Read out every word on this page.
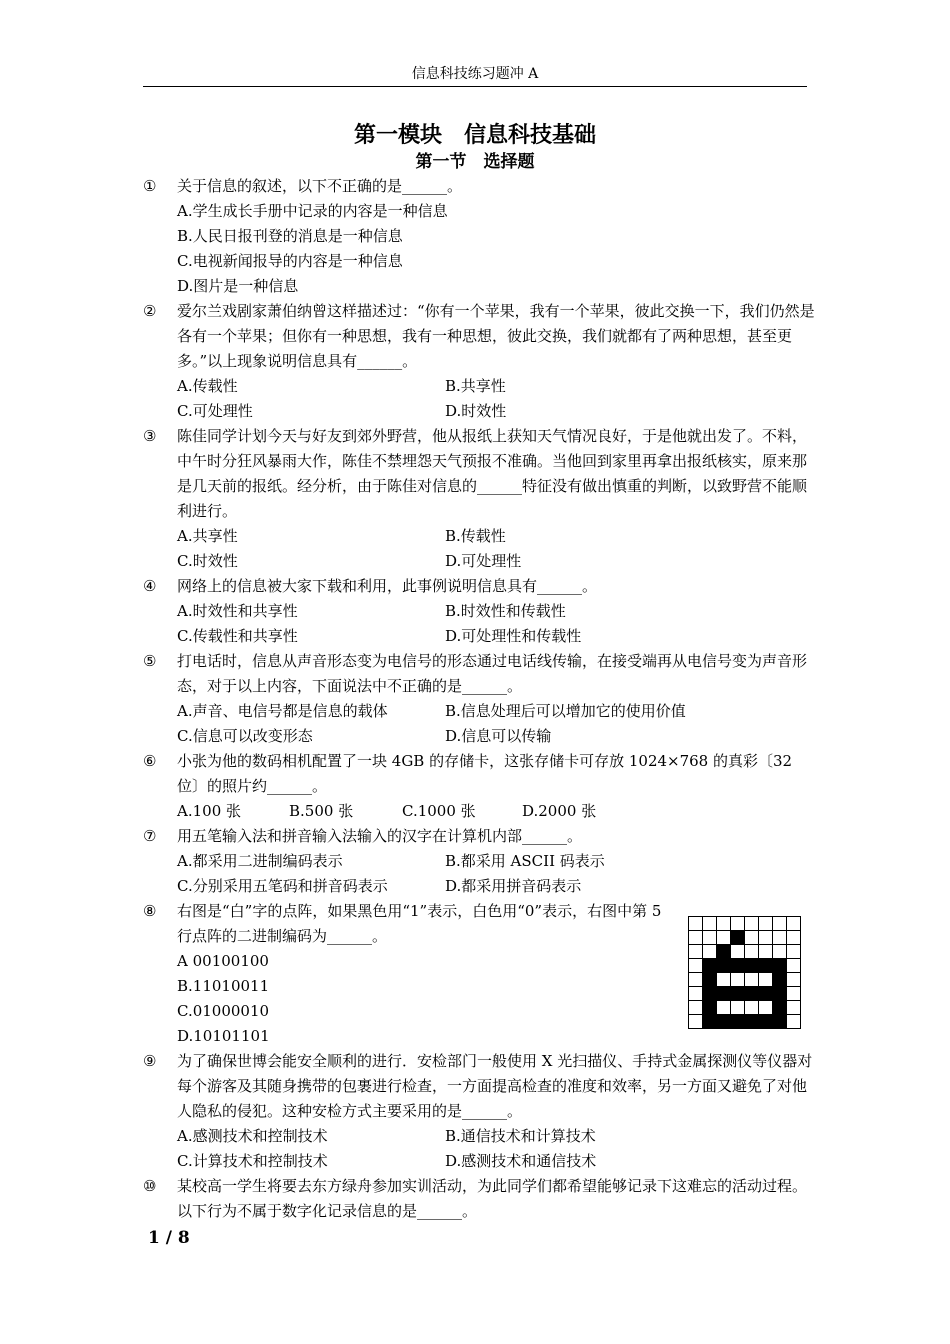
信息科技练习题冲 A
第一模块　信息科技基础
第一节　选择题
①	关于信息的叙述，以下不正确的是______。
A.学生成长手册中记录的内容是一种信息
B.人民日报刊登的消息是一种信息
C.电视新闻报导的内容是一种信息
D.图片是一种信息
②	爱尔兰戏剧家萧伯纳曾这样描述过：“你有一个苹果，我有一个苹果，彼此交换一下，我们仍然是各有一个苹果；但你有一种思想，我有一种思想，彼此交换，我们就都有了两种思想，甚至更多。”以上现象说明信息具有______。
A.传载性	B.共享性
C.可处理性	D.时效性
③	陈佳同学计划今天与好友到郊外野营，他从报纸上获知天气情况良好，于是他就出发了。不料，中午时分狂风暴雨大作，陈佳不禁埋怨天气预报不准确。当他回到家里再拿出报纸核实，原来那是几天前的报纸。经分析，由于陈佳对信息的______特征没有做出慎重的判断，以致野营不能顺利进行。
A.共享性	B.传载性
C.时效性	D.可处理性
④	网络上的信息被大家下载和利用，此事例说明信息具有______。
A.时效性和共享性	B.时效性和传载性
C.传载性和共享性	D.可处理性和传载性
⑤	打电话时，信息从声音形态变为电信号的形态通过电话线传输，在接受端再从电信号变为声音形态，对于以上内容，下面说法中不正确的是______。
A.声音、电信号都是信息的载体	B.信息处理后可以增加它的使用价值
C.信息可以改变形态	D.信息可以传输
⑥	小张为他的数码相机配置了一块 4GB 的存储卡，这张存储卡可存放 1024×768 的真彩〔32 位〕的照片约______。
A.100 张	B.500 张	C.1000 张	D.2000 张
⑦	用五笔输入法和拼音输入法输入的汉字在计算机内部______。
A.都采用二进制编码表示	B.都采用 ASCII 码表示
C.分别采用五笔码和拼音码表示	D.都采用拼音码表示
⑧	右图是“白”字的点阵，如果黑色用“1”表示，白色用“0”表示，右图中第 5 行点阵的二进制编码为______。
A 00100100
B.11010011
C.01000010
D.10101101
⑨	为了确保世博会能安全顺利的进行．安检部门一般使用 X 光扫描仪、手持式金属探测仪等仪器对每个游客及其随身携带的包裹进行检查，一方面提高检查的准度和效率，另一方面又避免了对他人隐私的侵犯。这种安检方式主要采用的是______。
A.感测技术和控制技术	B.通信技术和计算技术
C.计算技术和控制技术	D.感测技术和通信技术
⑩	某校高一学生将要去东方绿舟参加实训活动，为此同学们都希望能够记录下这难忘的活动过程。以下行为不属于数字化记录信息的是______。
1 / 8
